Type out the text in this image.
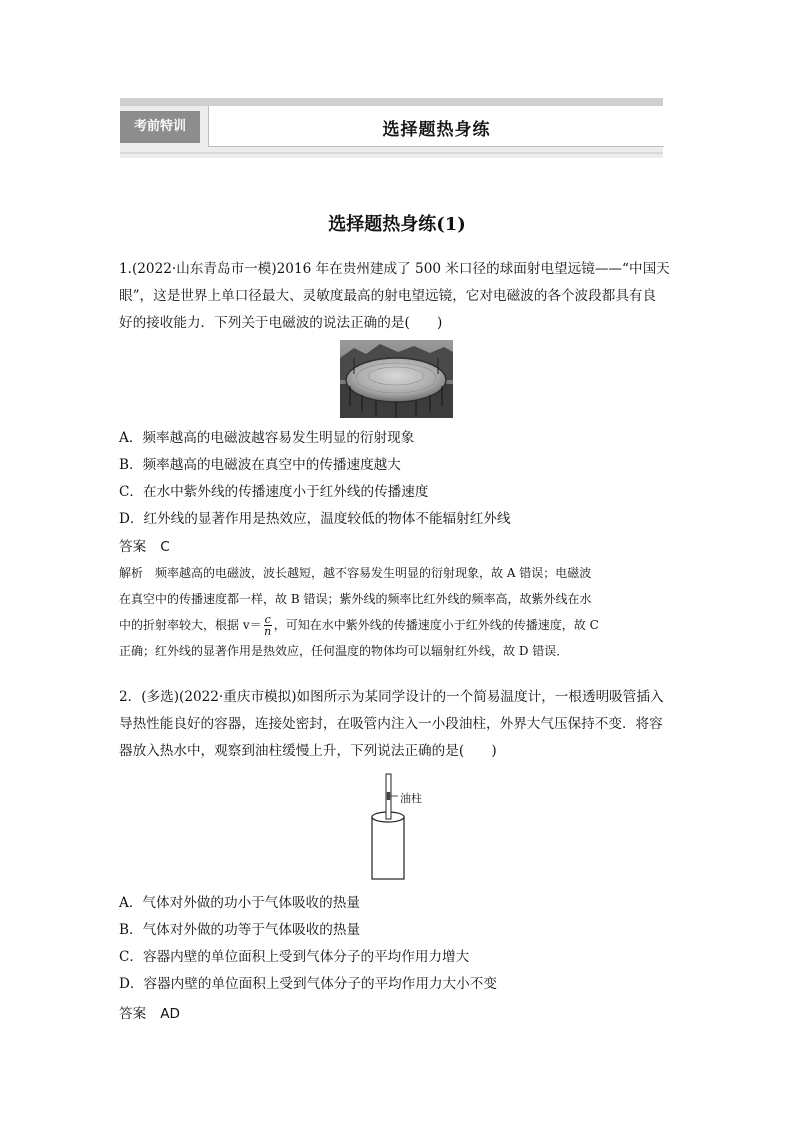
考前特训	选择题热身练
选择题热身练(1)

1.(2022·山东青岛市一模)2016 年在贵州建成了 500 米口径的球面射电望远镜——“中国天

眼”，这是世界上单口径最大、灵敏度最高的射电望远镜，它对电磁波的各个波段都具有良

好的接收能力．下列关于电磁波的说法正确的是(　　)

A．频率越高的电磁波越容易发生明显的衍射现象
B．频率越高的电磁波在真空中的传播速度越大
C．在水中紫外线的传播速度小于红外线的传播速度
D．红外线的显著作用是热效应，温度较低的物体不能辐射红外线
答案 C

解析　频率越高的电磁波，波长越短，越不容易发生明显的衍射现象，故 A 错误；电磁波

在真空中的传播速度都一样，故 B 错误；紫外线的频率比红外线的频率高，故紫外线在水

中的折射率较大，根据 $v= \frac{c}{n}$ ，可知在水中紫外线的传播速度小于红外线的传播速度，故 C

正确；红外线的显著作用是热效应，任何温度的物体均可以辐射红外线，故 D 错误．

2．(多选)(2022·重庆市模拟)如图所示为某同学设计的一个简易温度计，一根透明吸管插入

导热性能良好的容器，连接处密封，在吸管内注入一小段油柱，外界大气压保持不变．将容

器放入热水中，观察到油柱缓慢上升，下列说法正确的是(　　)

油柱
A．气体对外做的功小于气体吸收的热量
B．气体对外做的功等于气体吸收的热量
C．容器内壁的单位面积上受到气体分子的平均作用力增大
D．容器内壁的单位面积上受到气体分子的平均作用力大小不变
答案 AD
